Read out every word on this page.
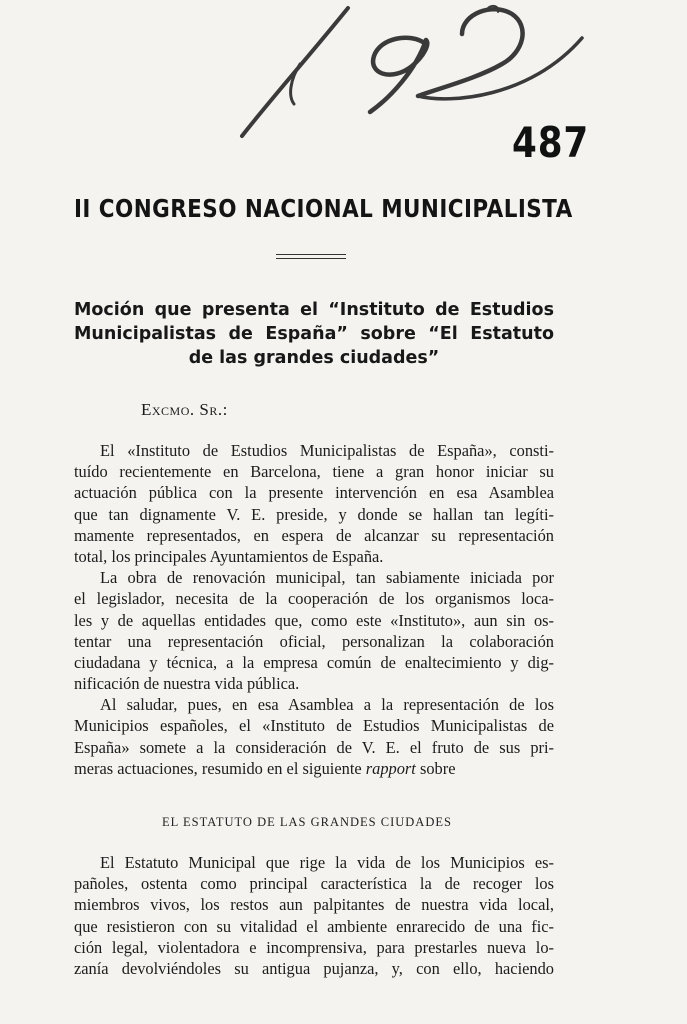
487
II CONGRESO NACIONAL MUNICIPALISTA
Moción que presenta el “Instituto de Estudios
Municipalistas de España” sobre “El Estatuto
de las grandes ciudades”
Excmo. Sr.:
El «Instituto de Estudios Municipalistas de España», consti-
tuído recientemente en Barcelona, tiene a gran honor iniciar su
actuación pública con la presente intervención en esa Asamblea
que tan dignamente V. E. preside, y donde se hallan tan legíti-
mamente representados, en espera de alcanzar su representación
total, los principales Ayuntamientos de España.
La obra de renovación municipal, tan sabiamente iniciada por
el legislador, necesita de la cooperación de los organismos loca-
les y de aquellas entidades que, como este «Instituto», aun sin os-
tentar una representación oficial, personalizan la colaboración
ciudadana y técnica, a la empresa común de enaltecimiento y dig-
nificación de nuestra vida pública.
Al saludar, pues, en esa Asamblea a la representación de los
Municipios españoles, el «Instituto de Estudios Municipalistas de
España» somete a la consideración de V. E. el fruto de sus pri-
meras actuaciones, resumido en el siguiente rapport sobre
EL ESTATUTO DE LAS GRANDES CIUDADES
El Estatuto Municipal que rige la vida de los Municipios es-
pañoles, ostenta como principal característica la de recoger los
miembros vivos, los restos aun palpitantes de nuestra vida local,
que resistieron con su vitalidad el ambiente enrarecido de una fic-
ción legal, violentadora e incomprensiva, para prestarles nueva lo-
zanía devolviéndoles su antigua pujanza, y, con ello, haciendo
